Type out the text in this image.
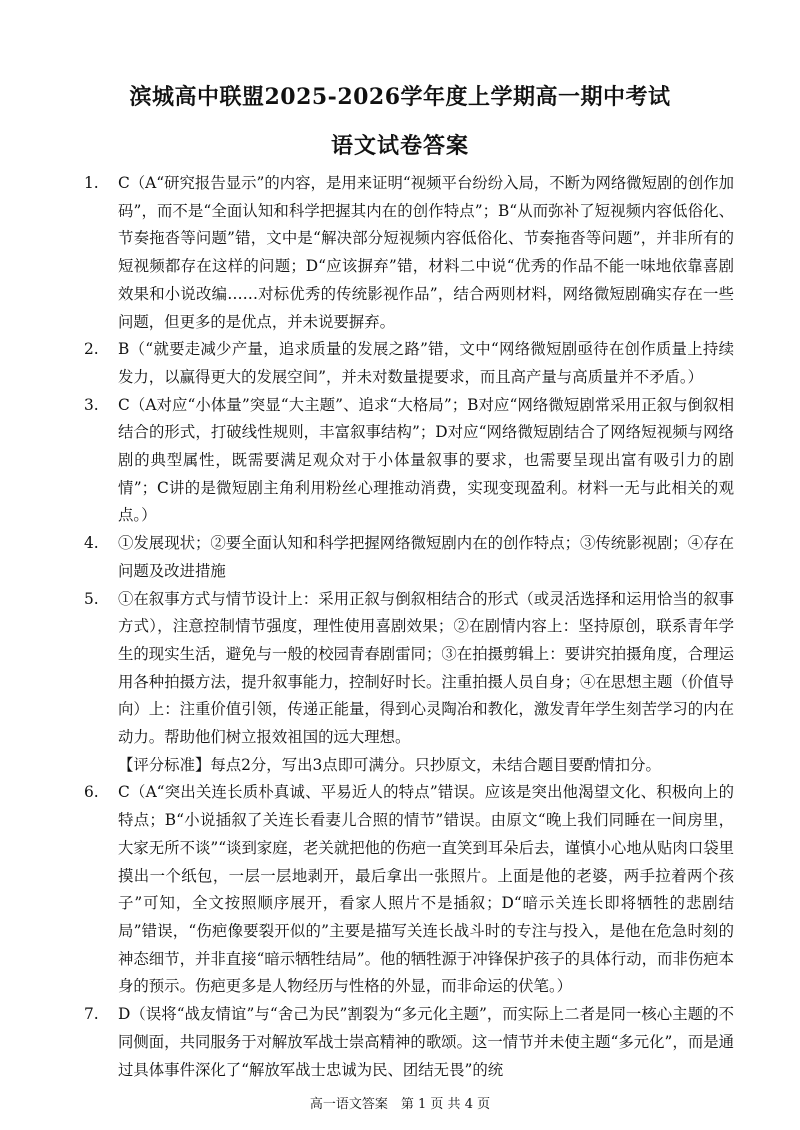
滨城高中联盟2025-2026学年度上学期高一期中考试
语文试卷答案
1.	C（A“研究报告显示”的内容，是用来证明“视频平台纷纷入局，不断为网络微短剧的创作加码”，而不是“全面认知和科学把握其内在的创作特点”；B“从而弥补了短视频内容低俗化、节奏拖沓等问题”错，文中是“解决部分短视频内容低俗化、节奏拖沓等问题”，并非所有的短视频都存在这样的问题；D“应该摒弃”错，材料二中说“优秀的作品不能一味地依靠喜剧效果和小说改编……对标优秀的传统影视作品”，结合两则材料，网络微短剧确实存在一些问题，但更多的是优点，并未说要摒弃。
2.	B（“就要走减少产量，追求质量的发展之路”错，文中“网络微短剧亟待在创作质量上持续发力，以赢得更大的发展空间”，并未对数量提要求，而且高产量与高质量并不矛盾。）
3.	C（A对应“小体量”突显“大主题”、追求“大格局”；B对应“网络微短剧常采用正叙与倒叙相结合的形式，打破线性规则，丰富叙事结构”；D对应“网络微短剧结合了网络短视频与网络剧的典型属性，既需要满足观众对于小体量叙事的要求，也需要呈现出富有吸引力的剧情”；C讲的是微短剧主角利用粉丝心理推动消费，实现变现盈利。材料一无与此相关的观点。）
4.	①发展现状；②要全面认知和科学把握网络微短剧内在的创作特点；③传统影视剧；④存在问题及改进措施
5.	①在叙事方式与情节设计上：采用正叙与倒叙相结合的形式（或灵活选择和运用恰当的叙事方式），注意控制情节强度，理性使用喜剧效果；②在剧情内容上：坚持原创，联系青年学生的现实生活，避免与一般的校园青春剧雷同；③在拍摄剪辑上：要讲究拍摄角度，合理运用各种拍摄方法，提升叙事能力，控制好时长。注重拍摄人员自身；④在思想主题（价值导向）上：注重价值引领，传递正能量，得到心灵陶冶和教化，激发青年学生刻苦学习的内在动力。帮助他们树立报效祖国的远大理想。
【评分标准】每点2分，写出3点即可满分。只抄原文，未结合题目要酌情扣分。
6.	C（A“突出关连长质朴真诚、平易近人的特点”错误。应该是突出他渴望文化、积极向上的特点；B“小说插叙了关连长看妻儿合照的情节”错误。由原文“晚上我们同睡在一间房里，大家无所不谈”“谈到家庭，老关就把他的伤疤一直笑到耳朵后去，谨慎小心地从贴肉口袋里摸出一个纸包，一层一层地剥开，最后拿出一张照片。上面是他的老婆，两手拉着两个孩子”可知，全文按照顺序展开，看家人照片不是插叙；D“暗示关连长即将牺牲的悲剧结局”错误，“伤疤像要裂开似的”主要是描写关连长战斗时的专注与投入，是他在危急时刻的神态细节，并非直接“暗示牺牲结局”。他的牺牲源于冲锋保护孩子的具体行动，而非伤疤本身的预示。伤疤更多是人物经历与性格的外显，而非命运的伏笔。）
7.	D（误将“战友情谊”与“舍己为民”割裂为“多元化主题”，而实际上二者是同一核心主题的不同侧面，共同服务于对解放军战士崇高精神的歌颂。这一情节并未使主题“多元化”，而是通过具体事件深化了“解放军战士忠诚为民、团结无畏”的统
高一语文答案　第 1 页 共 4 页
